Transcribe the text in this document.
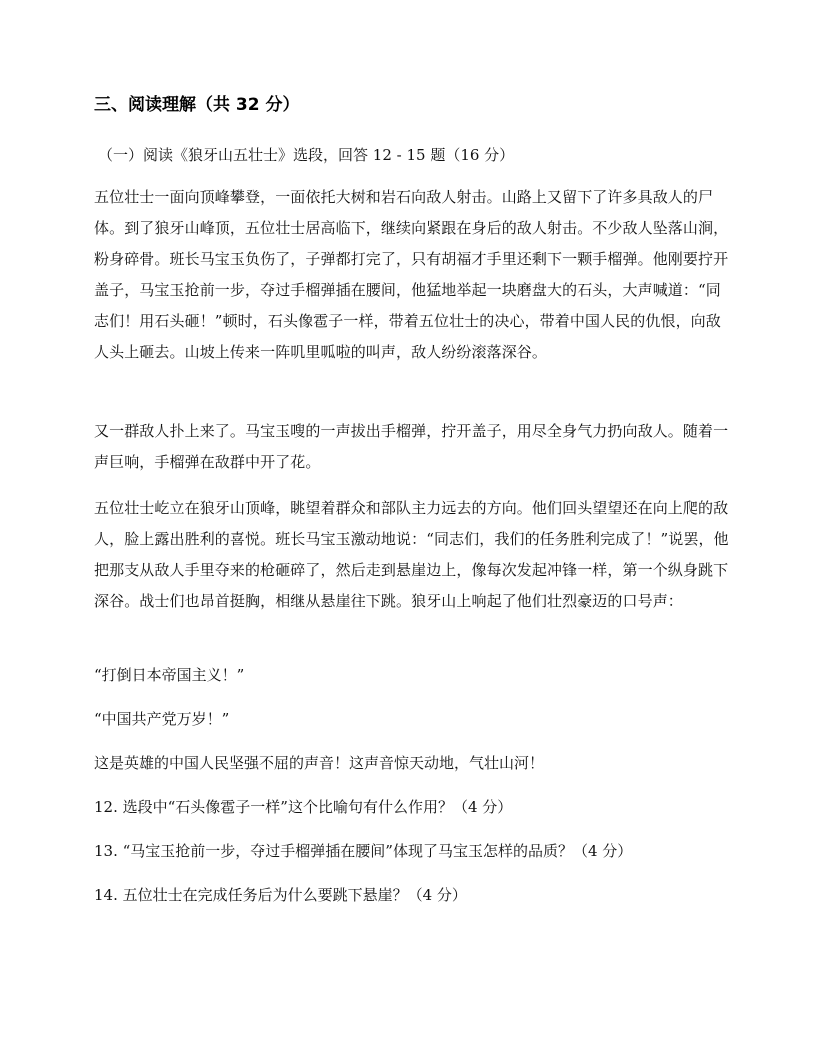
三、阅读理解（共 32 分）

（一）阅读《狼牙山五壮士》选段，回答 12 - 15 题（16 分）

五位壮士一面向顶峰攀登，一面依托大树和岩石向敌人射击。山路上又留下了许多具敌人的尸体。到了狼牙山峰顶，五位壮士居高临下，继续向紧跟在身后的敌人射击。不少敌人坠落山涧，粉身碎骨。班长马宝玉负伤了，子弹都打完了，只有胡福才手里还剩下一颗手榴弹。他刚要拧开盖子，马宝玉抢前一步，夺过手榴弹插在腰间，他猛地举起一块磨盘大的石头，大声喊道：“同志们！用石头砸！”顿时，石头像雹子一样，带着五位壮士的决心，带着中国人民的仇恨，向敌人头上砸去。山坡上传来一阵叽里呱啦的叫声，敌人纷纷滚落深谷。

又一群敌人扑上来了。马宝玉嗖的一声拔出手榴弹，拧开盖子，用尽全身气力扔向敌人。随着一声巨响，手榴弹在敌群中开了花。

五位壮士屹立在狼牙山顶峰，眺望着群众和部队主力远去的方向。他们回头望望还在向上爬的敌人，脸上露出胜利的喜悦。班长马宝玉激动地说：“同志们，我们的任务胜利完成了！”说罢，他把那支从敌人手里夺来的枪砸碎了，然后走到悬崖边上，像每次发起冲锋一样，第一个纵身跳下深谷。战士们也昂首挺胸，相继从悬崖往下跳。狼牙山上响起了他们壮烈豪迈的口号声：

“打倒日本帝国主义！”

“中国共产党万岁！”

这是英雄的中国人民坚强不屈的声音！这声音惊天动地，气壮山河！

12. 选段中“石头像雹子一样”这个比喻句有什么作用？（4 分）

13. “马宝玉抢前一步，夺过手榴弹插在腰间”体现了马宝玉怎样的品质？（4 分）

14. 五位壮士在完成任务后为什么要跳下悬崖？（4 分）
